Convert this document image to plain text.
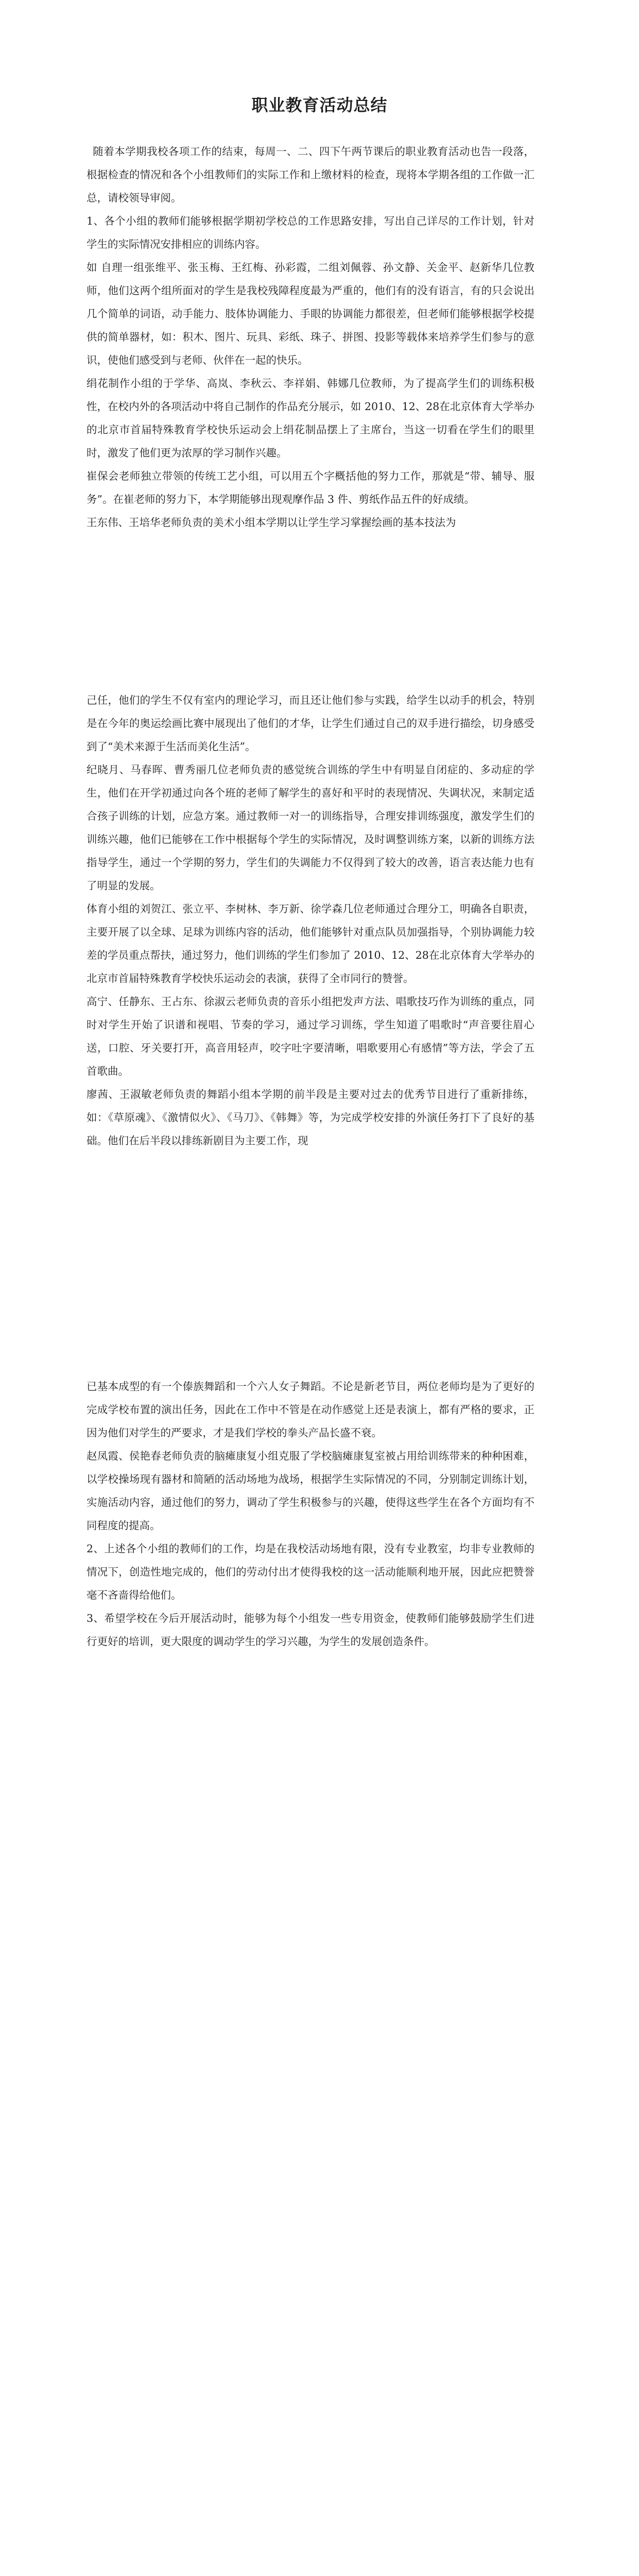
职业教育活动总结

随着本学期我校各项工作的结束，每周一、二、四下午两节课后的职业教育活动也告一段落，根据检查的情况和各个小组教师们的实际工作和上缴材料的检查，现将本学期各组的工作做一汇总，请校领导审阅。

1、各个小组的教师们能够根据学期初学校总的工作思路安排，写出自己详尽的工作计划，针对学生的实际情况安排相应的训练内容。

如 自理一组张维平、张玉梅、王红梅、孙彩霞，二组刘佩蓉、孙文静、关金平、赵新华几位教师，他们这两个组所面对的学生是我校残障程度最为严重的，他们有的没有语言，有的只会说出几个简单的词语，动手能力、肢体协调能力、手眼的协调能力都很差，但老师们能够根据学校提供的简单器材，如：积木、图片、玩具、彩纸、珠子、拼图、投影等载体来培养学生们参与的意识，使他们感受到与老师、伙伴在一起的快乐。

绢花制作小组的于学华、高岚、李秋云、李祥娟、韩娜几位教师，为了提高学生们的训练积极性，在校内外的各项活动中将自己制作的作品充分展示，如 2010、12、28在北京体育大学举办的北京市首届特殊教育学校快乐运动会上绢花制品摆上了主席台，当这一切看在学生们的眼里时，激发了他们更为浓厚的学习制作兴趣。

崔保会老师独立带领的传统工艺小组，可以用五个字概括他的努力工作，那就是“带、辅导、服务”。在崔老师的努力下，本学期能够出现观摩作品 3 件、剪纸作品五件的好成绩。

王东伟、王培华老师负责的美术小组本学期以让学生学习掌握绘画的基本技法为

己任，他们的学生不仅有室内的理论学习，而且还让他们参与实践，给学生以动手的机会，特别是在今年的奥运绘画比赛中展现出了他们的才华，让学生们通过自己的双手进行描绘，切身感受到了“美术来源于生活而美化生活”。

纪晓月、马春晖、曹秀丽几位老师负责的感觉统合训练的学生中有明显自闭症的、多动症的学生，他们在开学初通过向各个班的老师了解学生的喜好和平时的表现情况、失调状况，来制定适合孩子训练的计划，应急方案。通过教师一对一的训练指导，合理安排训练强度，激发学生们的训练兴趣，他们已能够在工作中根据每个学生的实际情况，及时调整训练方案，以新的训练方法指导学生，通过一个学期的努力，学生们的失调能力不仅得到了较大的改善，语言表达能力也有了明显的发展。

体育小组的刘贺江、张立平、李树林、李万新、徐学森几位老师通过合理分工，明确各自职责，主要开展了以全球、足球为训练内容的活动，他们能够针对重点队员加强指导，个别协调能力较差的学员重点帮扶，通过努力，他们训练的学生们参加了 2010、12、28在北京体育大学举办的北京市首届特殊教育学校快乐运动会的表演，获得了全市同行的赞誉。

高宁、任静东、王占东、徐淑云老师负责的音乐小组把发声方法、唱歌技巧作为训练的重点，同时对学生开始了识谱和视唱、节奏的学习，通过学习训练，学生知道了唱歌时“声音要往眉心送，口腔、牙关要打开，高音用轻声，咬字吐字要清晰，唱歌要用心有感情”等方法，学会了五首歌曲。

廖茜、王淑敏老师负责的舞蹈小组本学期的前半段是主要对过去的优秀节目进行了重新排练，如：《草原魂》、《激情似火》、《马刀》、《韩舞》等，为完成学校安排的外演任务打下了良好的基础。他们在后半段以排练新剧目为主要工作，现

已基本成型的有一个傣族舞蹈和一个六人女子舞蹈。不论是新老节目，两位老师均是为了更好的完成学校布置的演出任务，因此在工作中不管是在动作感觉上还是表演上，都有严格的要求，正因为他们对学生的严要求，才是我们学校的拳头产品长盛不衰。

赵凤霞、侯艳春老师负责的脑瘫康复小组克服了学校脑瘫康复室被占用给训练带来的种种困难，以学校操场现有器材和简陋的活动场地为战场，根据学生实际情况的不同，分别制定训练计划，实施活动内容，通过他们的努力，调动了学生积极参与的兴趣，使得这些学生在各个方面均有不同程度的提高。

2、上述各个小组的教师们的工作，均是在我校活动场地有限，没有专业教室，均非专业教师的情况下，创造性地完成的，他们的劳动付出才使得我校的这一活动能顺利地开展，因此应把赞誉毫不吝啬得给他们。

3、希望学校在今后开展活动时，能够为每个小组发一些专用资金，使教师们能够鼓励学生们进行更好的培训，更大限度的调动学生的学习兴趣，为学生的发展创造条件。
